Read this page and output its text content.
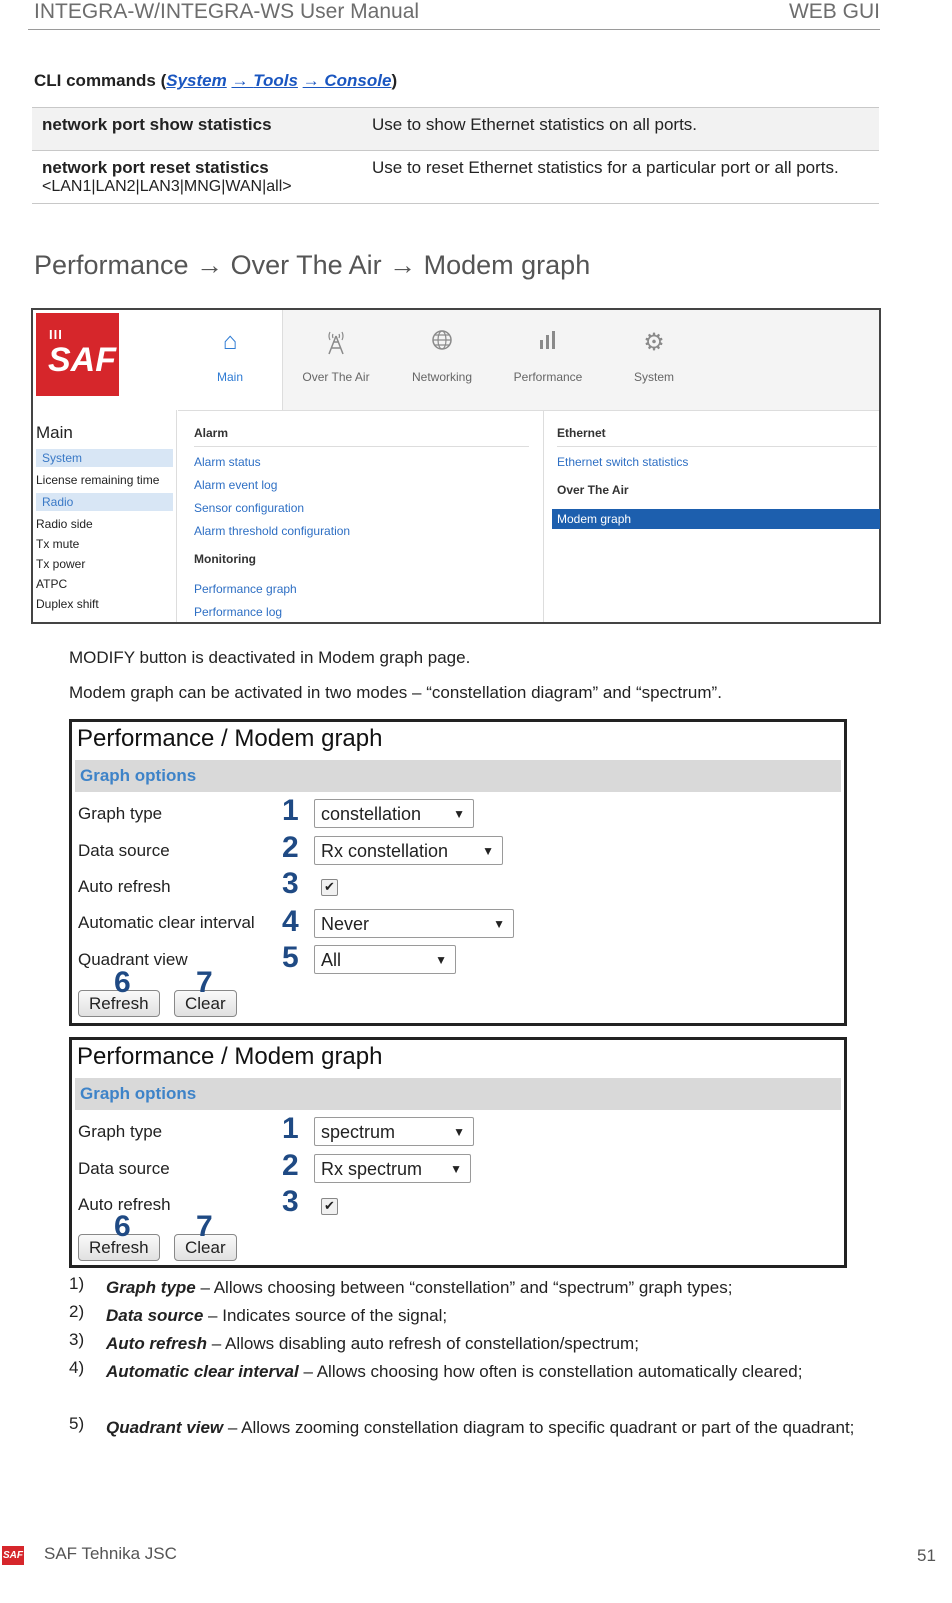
INTEGRA-W/INTEGRA-WS User Manual	WEB GUI
CLI commands (System → Tools → Console)
network port show statistics	Use to show Ethernet statistics on all ports.
network port reset statistics
<LAN1|LAN2|LAN3|MNG|WAN|all>	Use to reset Ethernet statistics for a particular port or all ports.
Performance → Over The Air → Modem graph
III
SAF	⌂
Main	Over The Air	Networking	Performance
⚙
System
Main
System
License remaining time
Radio
Radio side
Tx mute
Tx power
ATPC
Duplex shift
Alarm
Alarm status
Alarm event log
Sensor configuration
Alarm threshold configuration
Monitoring
Performance graph
Performance log
Ethernet
Ethernet switch statistics
Over The Air
Modem graph
MODIFY button is deactivated in Modem graph page.
Modem graph can be activated in two modes – “constellation diagram” and “spectrum”.
Performance / Modem graph
Graph options
Graph type	1	constellation	▼
Data source	2	Rx constellation	▼
Auto refresh	3 ✔
Automatic clear interval 4	Never	▼
Quadrant view	5	All	▼
Refresh
6
Clear
7
Performance / Modem graph
Graph options
Graph type	1	spectrum	▼
Data source	2	Rx spectrum ▼
Auto refresh	3 ✔
Refresh
6
Clear
7
1) Graph type – Allows choosing between “constellation” and “spectrum” graph types;
2) Data source – Indicates source of the signal;
3) Auto refresh – Allows disabling auto refresh of constellation/spectrum;
4) Automatic clear interval – Allows choosing how often is constellation automatically cleared;
5) Quadrant view – Allows zooming constellation diagram to specific quadrant or part of the quadrant;
SAF SAF Tehnika JSC	51
